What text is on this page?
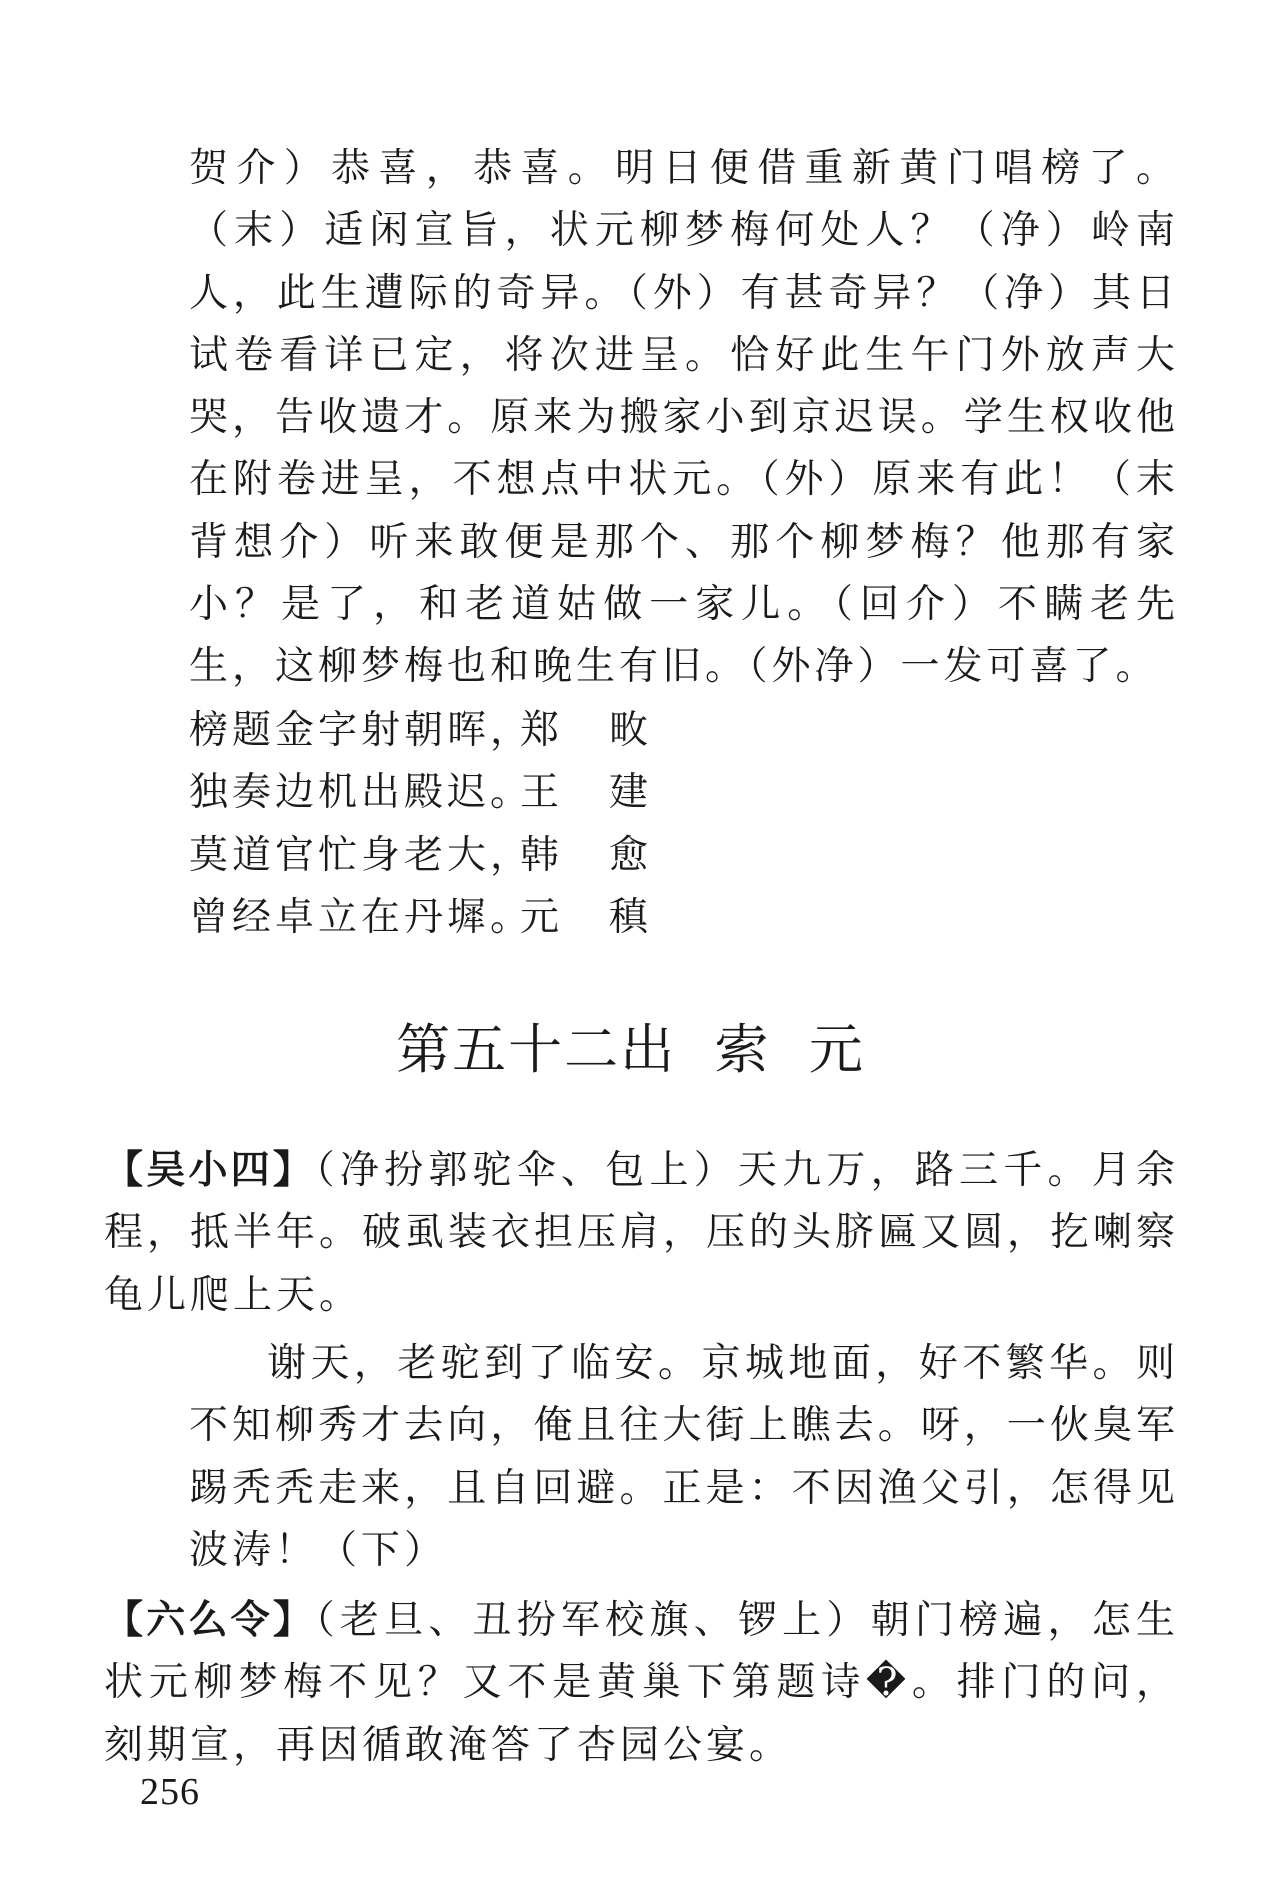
贺介）恭喜，恭喜。明日便借重新黄门唱榜了。（末）适闲宣旨，状元柳梦梅何处人？（净）岭南人，此生遭际的奇异。（外）有甚奇异？（净）其日试卷看详已定，将次进呈。恰好此生午门外放声大哭，告收遗才。原来为搬家小到京迟误。学生权收他在附卷进呈，不想点中状元。（外）原来有此！（末背想介）听来敢便是那个、那个柳梦梅？他那有家小？是了，和老道姑做一家儿。（回介）不瞒老先生，这柳梦梅也和晚生有旧。（外净）一发可喜了。

榜题金字射朝晖，
郑畋
独奏边机出殿迟。
王建
莫道官忙身老大，
韩愈
曾经卓立在丹墀。
元稹
第五十二出  索  元
【吴小四】（净扮郭驼伞、包上）天九万，路三千。月余程，抵半年。破虱装衣担压肩，压的头脐匾又圆，扢喇察龟儿爬上天。

谢天，老驼到了临安。京城地面，好不繁华。则不知柳秀才去向，俺且往大街上瞧去。呀，一伙臭军踢秃秃走来，且自回避。正是：不因渔父引，怎得见波涛！（下）

【六么令】（老旦、丑扮军校旗、锣上）朝门榜遍，怎生状元柳梦梅不见？又不是黄巢下第题诗�。排门的问，刻期宣，再因循敢淹答了杏园公宴。
256
